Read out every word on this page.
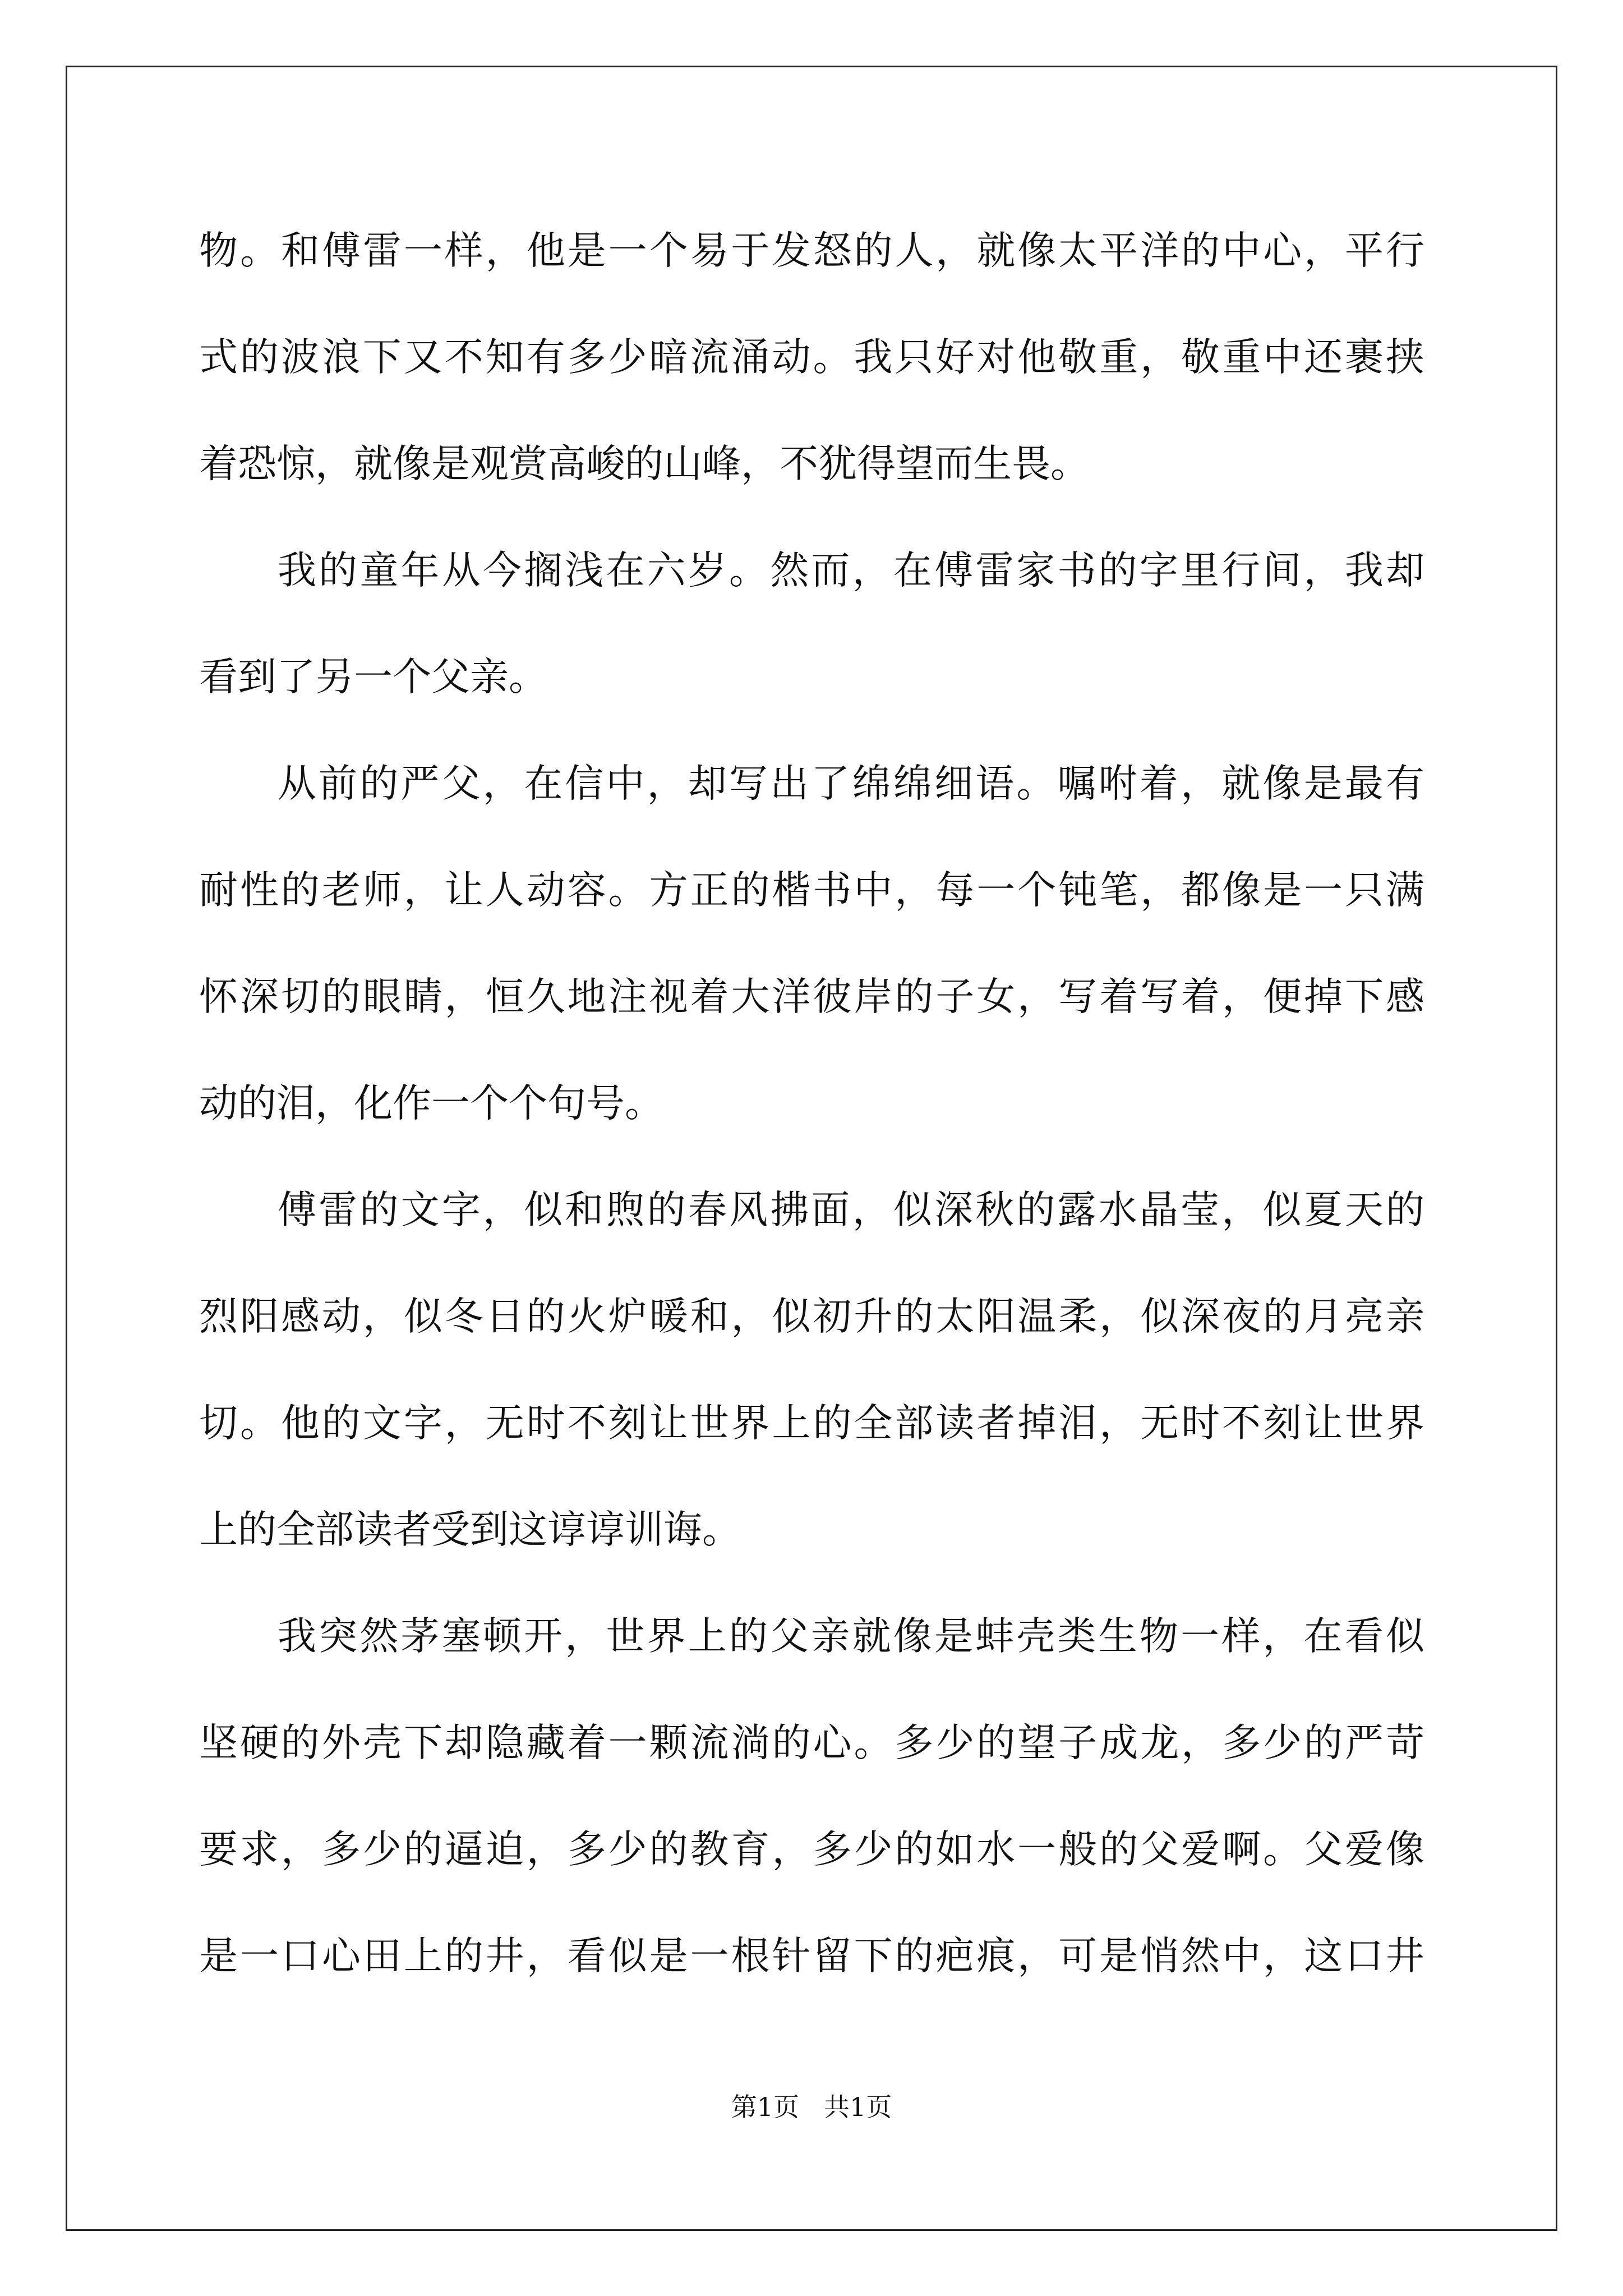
物。和傅雷一样，他是一个易于发怒的人，就像太平洋的中心，平行
式的波浪下又不知有多少暗流涌动。我只好对他敬重，敬重中还裹挟
着恐惊，就像是观赏高峻的山峰，不犹得望而生畏。
我的童年从今搁浅在六岁。然而，在傅雷家书的字里行间，我却
看到了另一个父亲。
从前的严父，在信中，却写出了绵绵细语。嘱咐着，就像是最有
耐性的老师，让人动容。方正的楷书中，每一个钝笔，都像是一只满
怀深切的眼睛，恒久地注视着大洋彼岸的子女，写着写着，便掉下感
动的泪，化作一个个句号。
傅雷的文字，似和煦的春风拂面，似深秋的露水晶莹，似夏天的
烈阳感动，似冬日的火炉暖和，似初升的太阳温柔，似深夜的月亮亲
切。他的文字，无时不刻让世界上的全部读者掉泪，无时不刻让世界
上的全部读者受到这谆谆训诲。
我突然茅塞顿开，世界上的父亲就像是蚌壳类生物一样，在看似
坚硬的外壳下却隐藏着一颗流淌的心。多少的望子成龙，多少的严苛
要求，多少的逼迫，多少的教育，多少的如水一般的父爱啊。父爱像
是一口心田上的井，看似是一根针留下的疤痕，可是悄然中，这口井
第1页 共1页
